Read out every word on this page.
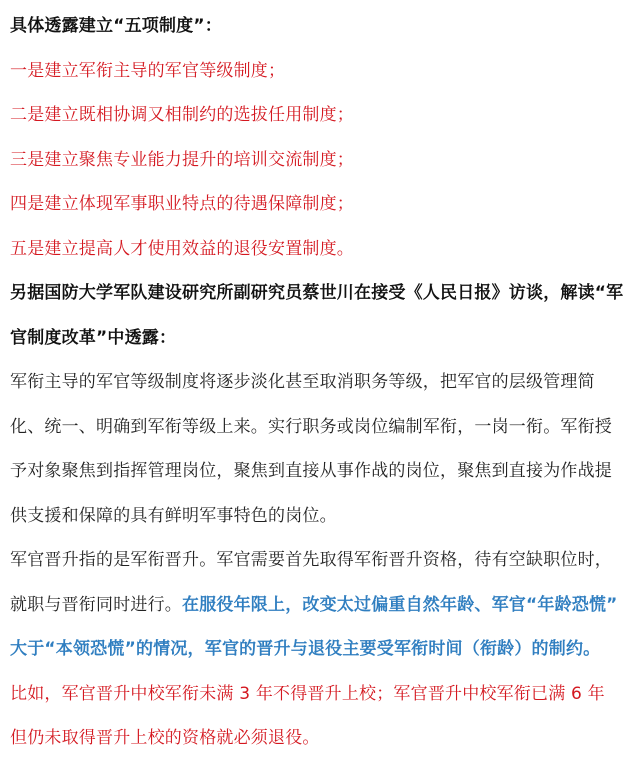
具体透露建立“五项制度”：
一是建立军衔主导的军官等级制度；
二是建立既相协调又相制约的选拔任用制度；
三是建立聚焦专业能力提升的培训交流制度；
四是建立体现军事职业特点的待遇保障制度；
五是建立提高人才使用效益的退役安置制度。
另据国防大学军队建设研究所副研究员蔡世川在接受《人民日报》访谈，解读“军
官制度改革”中透露：
军衔主导的军官等级制度将逐步淡化甚至取消职务等级，把军官的层级管理简
化、统一、明确到军衔等级上来。实行职务或岗位编制军衔，一岗一衔。军衔授
予对象聚焦到指挥管理岗位，聚焦到直接从事作战的岗位，聚焦到直接为作战提
供支援和保障的具有鲜明军事特色的岗位。
军官晋升指的是军衔晋升。军官需要首先取得军衔晋升资格，待有空缺职位时，
就职与晋衔同时进行。在服役年限上，改变太过偏重自然年龄、军官“年龄恐慌”
大于“本领恐慌”的情况，军官的晋升与退役主要受军衔时间（衔龄）的制约。
比如，军官晋升中校军衔未满 3 年不得晋升上校；军官晋升中校军衔已满 6 年
但仍未取得晋升上校的资格就必须退役。
